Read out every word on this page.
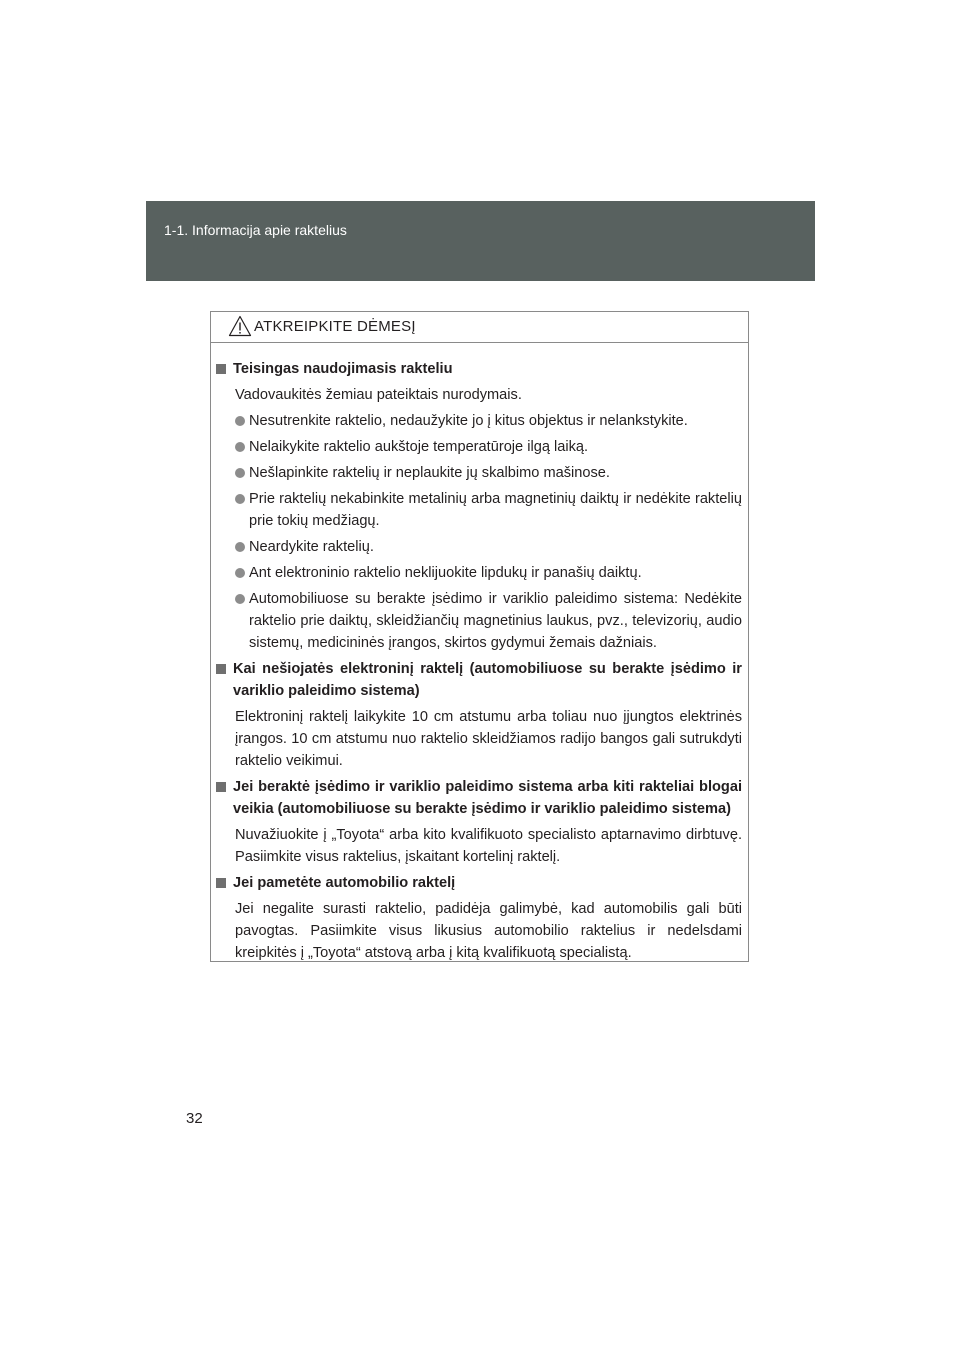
1-1. Informacija apie raktelius
ATKREIPKITE DĖMESĮ
Teisingas naudojimasis rakteliu
Vadovaukitės žemiau pateiktais nurodymais.
Nesutrenkite raktelio, nedaužykite jo į kitus objektus ir nelankstykite.
Nelaikykite raktelio aukštoje temperatūroje ilgą laiką.
Nešlapinkite raktelių ir neplaukite jų skalbimo mašinose.
Prie raktelių nekabinkite metalinių arba magnetinių daiktų ir nedėkite raktelių prie tokių medžiagų.
Neardykite raktelių.
Ant elektroninio raktelio neklijuokite lipdukų ir panašių daiktų.
Automobiliuose su berakte įsėdimo ir variklio paleidimo sistema: Nedėkite raktelio prie daiktų, skleidžiančių magnetinius laukus, pvz., televizorių, audio sistemų, medicininės įrangos, skirtos gydymui žemais dažniais.
Kai nešiojatės elektroninį raktelį (automobiliuose su berakte įsėdimo ir variklio paleidimo sistema)
Elektroninį raktelį laikykite 10 cm atstumu arba toliau nuo įjungtos elektrinės įrangos. 10 cm atstumu nuo raktelio skleidžiamos radijo bangos gali sutrukdyti raktelio veikimui.
Jei beraktė įsėdimo ir variklio paleidimo sistema arba kiti rakteliai blogai veikia (automobiliuose su berakte įsėdimo ir variklio paleidimo sistema)
Nuvažiuokite į „Toyota“ arba kito kvalifikuoto specialisto aptarnavimo dirbtuvę. Pasiimkite visus raktelius, įskaitant kortelinį raktelį.
Jei pametėte automobilio raktelį
Jei negalite surasti raktelio, padidėja galimybė, kad automobilis gali būti pavogtas. Pasiimkite visus likusius automobilio raktelius ir nedelsdami kreipkitės į „Toyota“ atstovą arba į kitą kvalifikuotą specialistą.
32
